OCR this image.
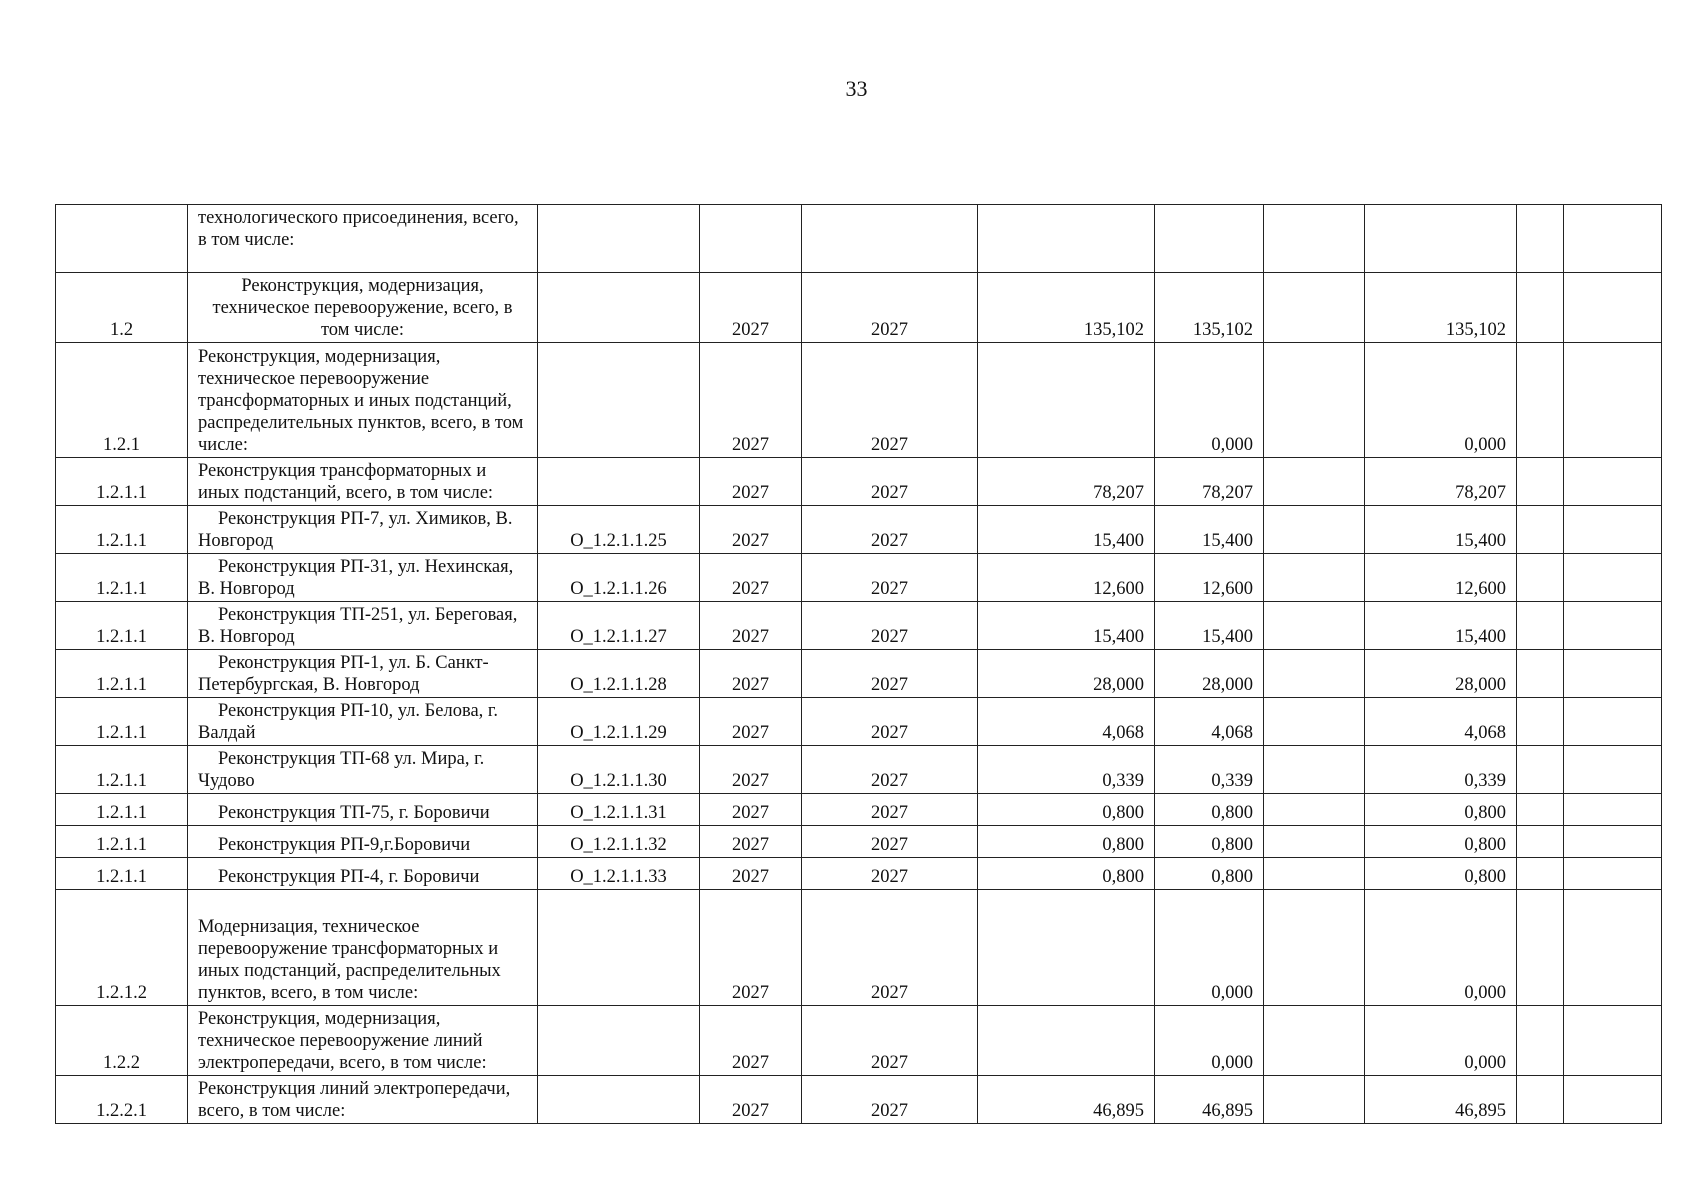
33
	технологического присоединения, всего, в том числе:									
1.2	Реконструкция, модернизация, техническое перевооружение, всего, в том числе:		2027	2027	135,102	135,102		135,102		
1.2.1	Реконструкция, модернизация, техническое перевооружение трансформаторных и иных подстанций, распределительных пунктов, всего, в том числе:		2027	2027		0,000		0,000		
1.2.1.1	Реконструкция трансформаторных и иных подстанций, всего, в том числе:		2027	2027	78,207	78,207		78,207		
1.2.1.1	Реконструкция РП-7, ул. Химиков, В. Новгород	О_1.2.1.1.25	2027	2027	15,400	15,400		15,400		
1.2.1.1	Реконструкция РП-31, ул. Нехинская, В. Новгород	О_1.2.1.1.26	2027	2027	12,600	12,600		12,600		
1.2.1.1	Реконструкция ТП-251, ул. Береговая, В. Новгород	О_1.2.1.1.27	2027	2027	15,400	15,400		15,400		
1.2.1.1	Реконструкция РП-1, ул. Б. Санкт-Петербургская, В. Новгород	О_1.2.1.1.28	2027	2027	28,000	28,000		28,000		
1.2.1.1	Реконструкция РП-10, ул. Белова, г. Валдай	О_1.2.1.1.29	2027	2027	4,068	4,068		4,068		
1.2.1.1	Реконструкция ТП-68 ул. Мира, г. Чудово	О_1.2.1.1.30	2027	2027	0,339	0,339		0,339		
1.2.1.1	Реконструкция ТП-75, г. Боровичи	О_1.2.1.1.31	2027	2027	0,800	0,800		0,800		
1.2.1.1	Реконструкция РП-9,г.Боровичи	О_1.2.1.1.32	2027	2027	0,800	0,800		0,800		
1.2.1.1	Реконструкция РП-4, г. Боровичи	О_1.2.1.1.33	2027	2027	0,800	0,800		0,800		
1.2.1.2	Модернизация, техническое перевооружение трансформаторных и иных подстанций, распределительных пунктов, всего, в том числе:		2027	2027		0,000		0,000		
1.2.2	Реконструкция, модернизация, техническое перевооружение линий электропередачи, всего, в том числе:		2027	2027		0,000		0,000		
1.2.2.1	Реконструкция линий электропередачи, всего, в том числе:		2027	2027	46,895	46,895		46,895		
